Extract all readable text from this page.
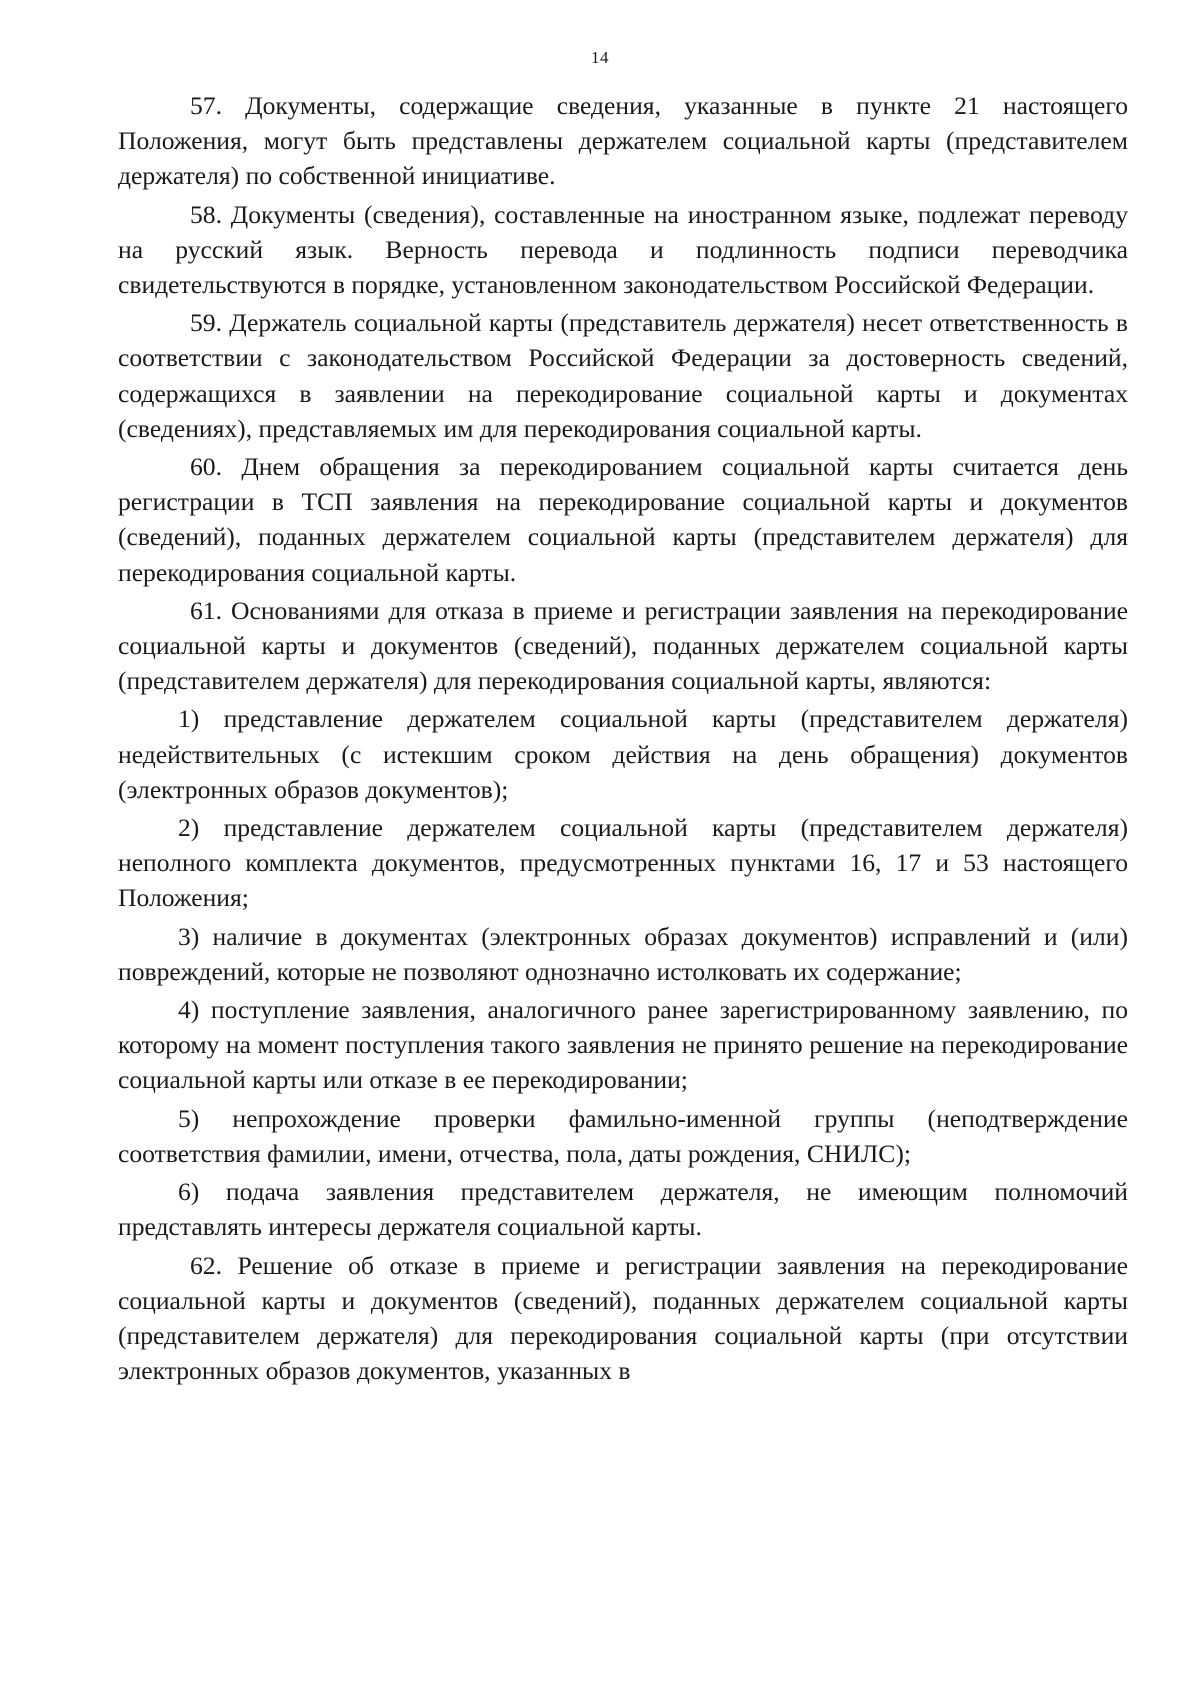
14

57. Документы, содержащие сведения, указанные в пункте 21 настоящего Положения, могут быть представлены держателем социальной карты (представителем держателя) по собственной инициативе.

58. Документы (сведения), составленные на иностранном языке, подлежат переводу на русский язык. Верность перевода и подлинность подписи переводчика свидетельствуются в порядке, установленном законодательством Российской Федерации.

59. Держатель социальной карты (представитель держателя) несет ответственность в соответствии с законодательством Российской Федерации за достоверность сведений, содержащихся в заявлении на перекодирование социальной карты и документах (сведениях), представляемых им для перекодирования социальной карты.

60. Днем обращения за перекодированием социальной карты считается день регистрации в ТСП заявления на перекодирование социальной карты и документов (сведений), поданных держателем социальной карты (представителем держателя) для перекодирования социальной карты.

61. Основаниями для отказа в приеме и регистрации заявления на перекодирование социальной карты и документов (сведений), поданных держателем социальной карты (представителем держателя) для перекодирования социальной карты, являются:

1) представление держателем социальной карты (представителем держателя) недействительных (с истекшим сроком действия на день обращения) документов (электронных образов документов);

2) представление держателем социальной карты (представителем держателя) неполного комплекта документов, предусмотренных пунктами 16, 17 и 53 настоящего Положения;

3) наличие в документах (электронных образах документов) исправлений и (или) повреждений, которые не позволяют однозначно истолковать их содержание;

4) поступление заявления, аналогичного ранее зарегистрированному заявлению, по которому на момент поступления такого заявления не принято решение на перекодирование социальной карты или отказе в ее перекодировании;

5) непрохождение проверки фамильно-именной группы (неподтверждение соответствия фамилии, имени, отчества, пола, даты рождения, СНИЛС);

6) подача заявления представителем держателя, не имеющим полномочий представлять интересы держателя социальной карты.

62. Решение об отказе в приеме и регистрации заявления на перекодирование социальной карты и документов (сведений), поданных держателем социальной карты (представителем держателя) для перекодирования социальной карты (при отсутствии электронных образов документов, указанных в
